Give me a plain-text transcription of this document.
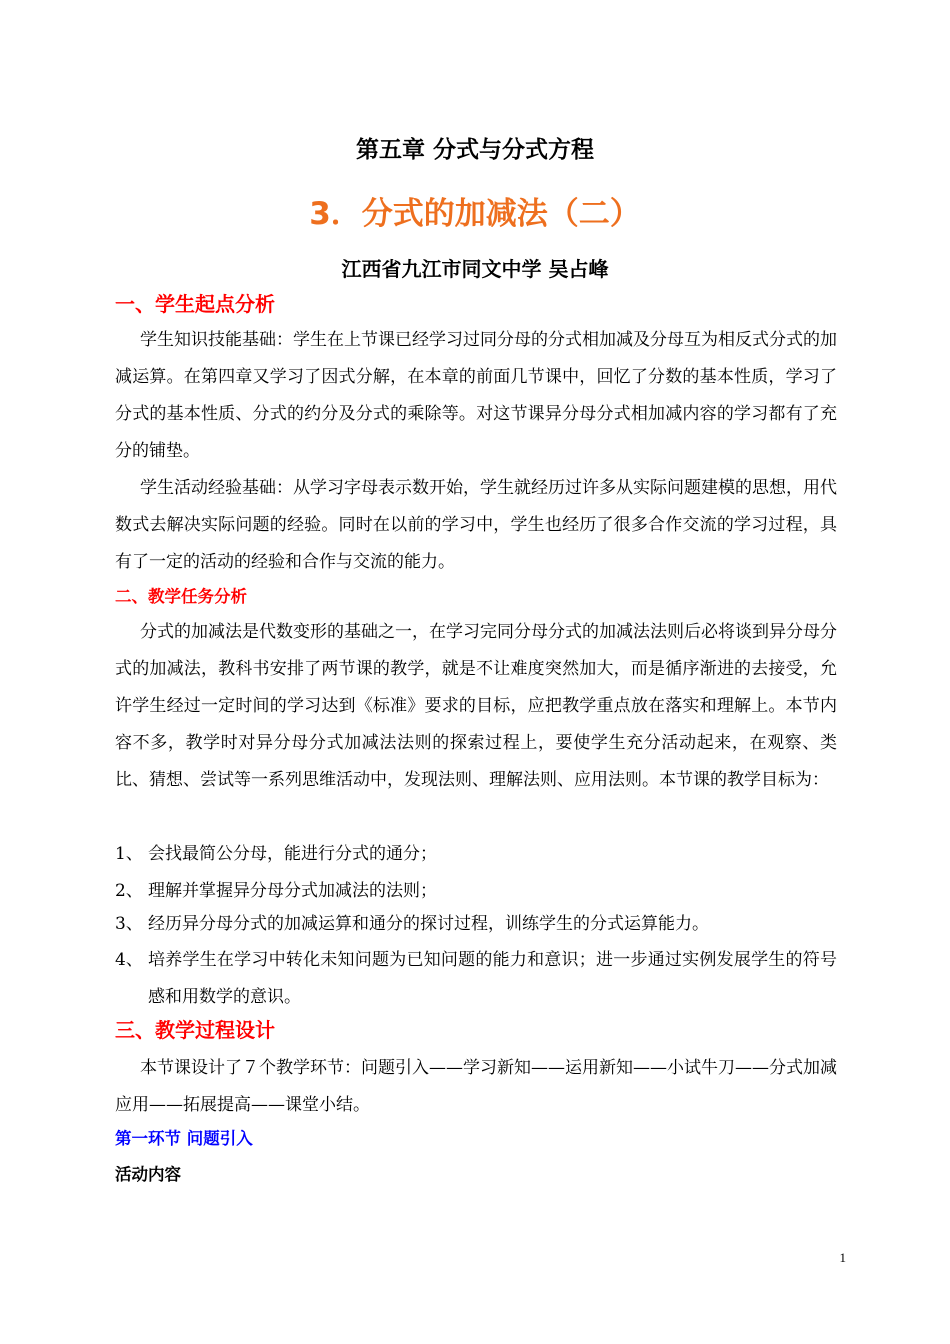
第五章 分式与分式方程
3．分式的加减法（二）
江西省九江市同文中学 吴占峰
一、学生起点分析

学生知识技能基础：学生在上节课已经学习过同分母的分式相加减及分母互为相反式分式的加减运算。在第四章又学习了因式分解，在本章的前面几节课中，回忆了分数的基本性质，学习了分式的基本性质、分式的约分及分式的乘除等。对这节课异分母分式相加减内容的学习都有了充分的铺垫。

学生活动经验基础：从学习字母表示数开始，学生就经历过许多从实际问题建模的思想，用代数式去解决实际问题的经验。同时在以前的学习中，学生也经历了很多合作交流的学习过程，具有了一定的活动的经验和合作与交流的能力。

二、教学任务分析

分式的加减法是代数变形的基础之一，在学习完同分母分式的加减法法则后必将谈到异分母分式的加减法，教科书安排了两节课的教学，就是不让难度突然加大，而是循序渐进的去接受，允许学生经过一定时间的学习达到《标准》要求的目标，应把教学重点放在落实和理解上。本节内容不多，教学时对异分母分式加减法法则的探索过程上，要使学生充分活动起来，在观察、类比、猜想、尝试等一系列思维活动中，发现法则、理解法则、应用法则。本节课的教学目标为：

1、 会找最简公分母，能进行分式的通分；
2、 理解并掌握异分母分式加减法的法则；
3、 经历异分母分式的加减运算和通分的探讨过程，训练学生的分式运算能力。
4、 培养学生在学习中转化未知问题为已知问题的能力和意识；进一步通过实例发展学生的符号感和用数学的意识。
三、教学过程设计

本节课设计了７个教学环节：问题引入——学习新知——运用新知——小试牛刀——分式加减应用——拓展提高——课堂小结。

第一环节 问题引入
活动内容
1
